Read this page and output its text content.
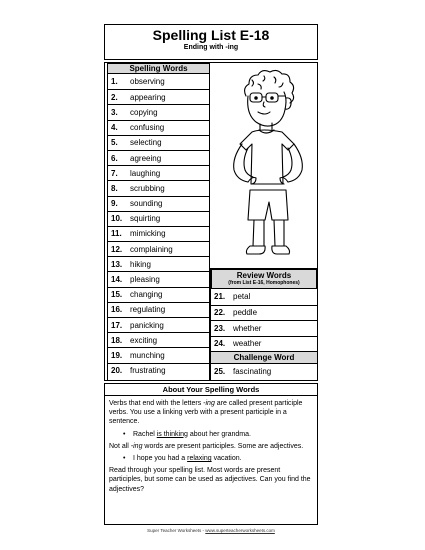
Spelling List E-18
Ending with -ing
Spelling Words
1.	observing
2.	appearing
3.	copying
4.	confusing
5.	selecting
6.	agreeing
7.	laughing
8.	scrubbing
9.	sounding
10. squirting
11.	mimicking
12. complaining
13. hiking
14. pleasing
15. changing
16. regulating
17. panicking
18. exciting
19. munching
20. frustrating
Review Words
(from List E-16, Homophones)
21. petal
22. peddle
23. whether
24. weather
Challenge Word
25. fascinating
About Your Spelling Words

Verbs that end with the letters -ing are called present participle verbs. You use a linking verb with a present participle in a sentence.

• Rachel is thinking about her grandma.

Not all -ing words are present participles. Some are adjectives.

• I hope you had a relaxing vacation.

Read through your spelling list. Most words are present participles, but some can be used as adjectives. Can you find the adjectives?

Super Teacher Worksheets - www.superteacherworksheets.com
